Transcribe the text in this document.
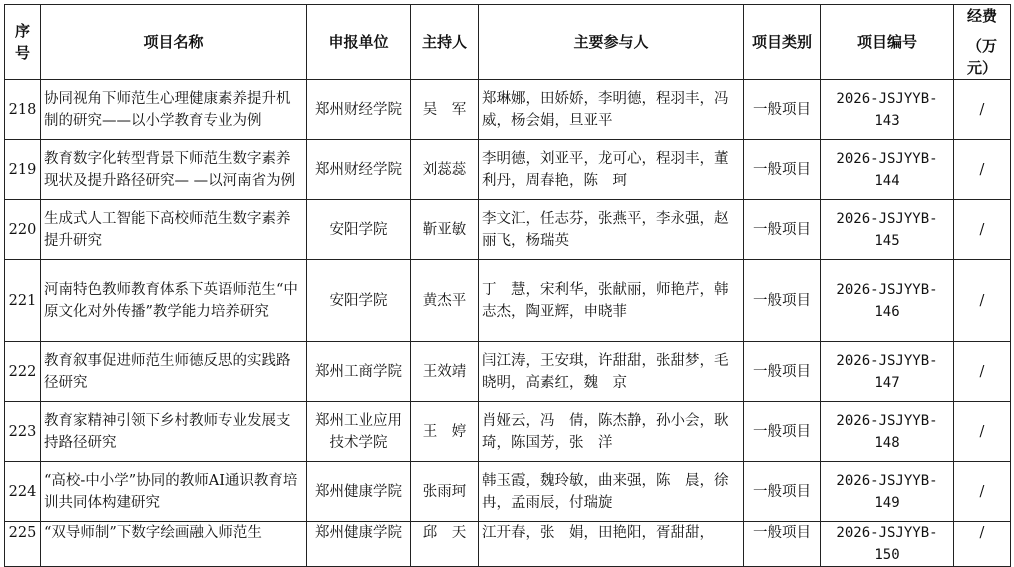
序号	项目名称	申报单位	主持人	主要参与人	项目类别	项目编号	经费
（万元）

218	协同视角下师范生心理健康素养提升机制的研究——以小学教育专业为例	郑州财经学院	吴　军	郑琳娜，田娇娇，李明德，程羽丰，冯　威，杨会娟，旦亚平	一般项目	2026-JSJYYB-143	/
219	教育数字化转型背景下师范生数字素养现状及提升路径研究— —以河南省为例	郑州财经学院	刘蕊蕊	李明德，刘亚平，龙可心，程羽丰，董利丹，周春艳，陈　珂	一般项目	2026-JSJYYB-144	/
220	生成式人工智能下高校师范生数字素养提升研究	安阳学院	靳亚敏	李文汇，任志芬，张燕平，李永强，赵丽飞，杨瑞英	一般项目	2026-JSJYYB-145	/
221	河南特色教师教育体系下英语师范生“中原文化对外传播”教学能力培养研究	安阳学院	黄杰平	丁　慧，宋利华，张献丽，师艳芹，韩志杰，陶亚辉，申晓菲	一般项目	2026-JSJYYB-146	/
222	教育叙事促进师范生师德反思的实践路径研究	郑州工商学院	王效靖	闫江涛，王安琪，许甜甜，张甜梦，毛晓明，高素红，魏　京	一般项目	2026-JSJYYB-147	/
223	教育家精神引领下乡村教师专业发展支持路径研究	郑州工业应用技术学院	王　婷	肖娅云，冯　倩，陈杰静，孙小会，耿　琦，陈国芳，张　洋	一般项目	2026-JSJYYB-148	/
224	“高校-中小学”协同的教师AI通识教育培训共同体构建研究	郑州健康学院	张雨珂	韩玉霞，魏玲敏，曲来强，陈　晨，徐　冉，孟雨辰，付瑞旋	一般项目	2026-JSJYYB-149	/
225	“双导师制”下数字绘画融入师范生	郑州健康学院	邱　天	江开春，张　娟，田艳阳，胥甜甜，	一般项目	2026-JSJYYB-150	/
